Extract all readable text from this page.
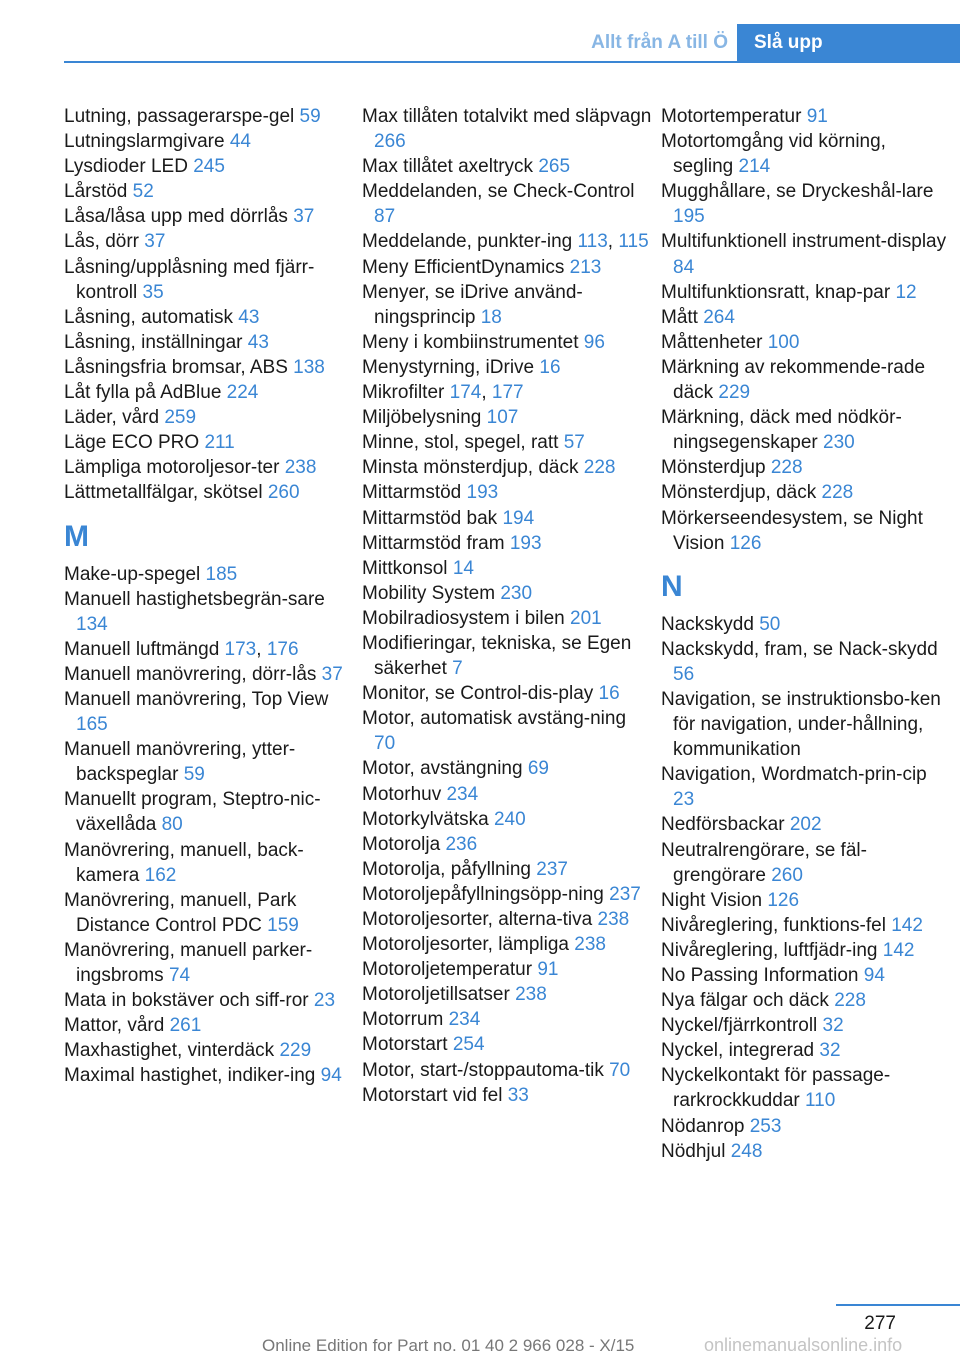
Allt från A till Ö	Slå upp
Lutning, passagerarspe-gel 59
Lutningslarmgivare 44
Lysdioder LED 245
Lårstöd 52
Låsa/låsa upp med dörrlås 37
Lås, dörr 37
Låsning/upplåsning med fjärr-kontroll 35
Låsning, automatisk 43
Låsning, inställningar 43
Låsningsfria bromsar, ABS 138
Låt fylla på AdBlue 224
Läder, vård 259
Läge ECO PRO 211
Lämpliga motoroljesor-ter 238
Lättmetallfälgar, skötsel 260
M
Make-up-spegel 185
Manuell hastighetsbegrän-sare 134
Manuell luftmängd 173, 176
Manuell manövrering, dörr-lås 37
Manuell manövrering, Top View 165
Manuell manövrering, ytter-backspeglar 59
Manuellt program, Steptro-nic-växellåda 80
Manövrering, manuell, back-kamera 162
Manövrering, manuell, Park Distance Control PDC 159
Manövrering, manuell parker-ingsbroms 74
Mata in bokstäver och siff-ror 23
Mattor, vård 261
Maxhastighet, vinterdäck 229
Maximal hastighet, indiker-ing 94
Max tillåten totalvikt med släpvagn 266
Max tillåtet axeltryck 265
Meddelanden, se Check-Control 87
Meddelande, punkter-ing 113, 115
Meny EfficientDynamics 213
Menyer, se iDrive använd-ningsprincip 18
Meny i kombiinstrumentet 96
Menystyrning, iDrive 16
Mikrofilter 174, 177
Miljöbelysning 107
Minne, stol, spegel, ratt 57
Minsta mönsterdjup, däck 228
Mittarmstöd 193
Mittarmstöd bak 194
Mittarmstöd fram 193
Mittkonsol 14
Mobility System 230
Mobilradiosystem i bilen 201
Modifieringar, tekniska, se Egen säkerhet 7
Monitor, se Control-dis-play 16
Motor, automatisk avstäng-ning 70
Motor, avstängning 69
Motorhuv 234
Motorkylvätska 240
Motorolja 236
Motorolja, påfyllning 237
Motoroljepåfyllningsöpp-ning 237
Motoroljesorter, alterna-tiva 238
Motoroljesorter, lämpliga 238
Motoroljetemperatur 91
Motoroljetillsatser 238
Motorrum 234
Motorstart 254
Motor, start-/stoppautoma-tik 70
Motorstart vid fel 33
Motortemperatur 91
Motortomgång vid körning, segling 214
Mugghållare, se Dryckeshål-lare 195
Multifunktionell instrument-display 84
Multifunktionsratt, knap-par 12
Mått 264
Måttenheter 100
Märkning av rekommende-rade däck 229
Märkning, däck med nödkör-ningsegenskaper 230
Mönsterdjup 228
Mönsterdjup, däck 228
Mörkerseendesystem, se Night Vision 126
N
Nackskydd 50
Nackskydd, fram, se Nack-skydd 56
Navigation, se instruktionsbo-ken för navigation, under-hållning, kommunikation
Navigation, Wordmatch-prin-cip 23
Nedförsbackar 202
Neutralrengörare, se fäl-grengörare 260
Night Vision 126
Nivåreglering, funktions-fel 142
Nivåreglering, luftfjädr-ing 142
No Passing Information 94
Nya fälgar och däck 228
Nyckel/fjärrkontroll 32
Nyckel, integrerad 32
Nyckelkontakt för passage-rarkrockkuddar 110
Nödanrop 253
Nödhjul 248
277
Online Edition for Part no. 01 40 2 966 028 - X/15	onlinemanualsonline.info
